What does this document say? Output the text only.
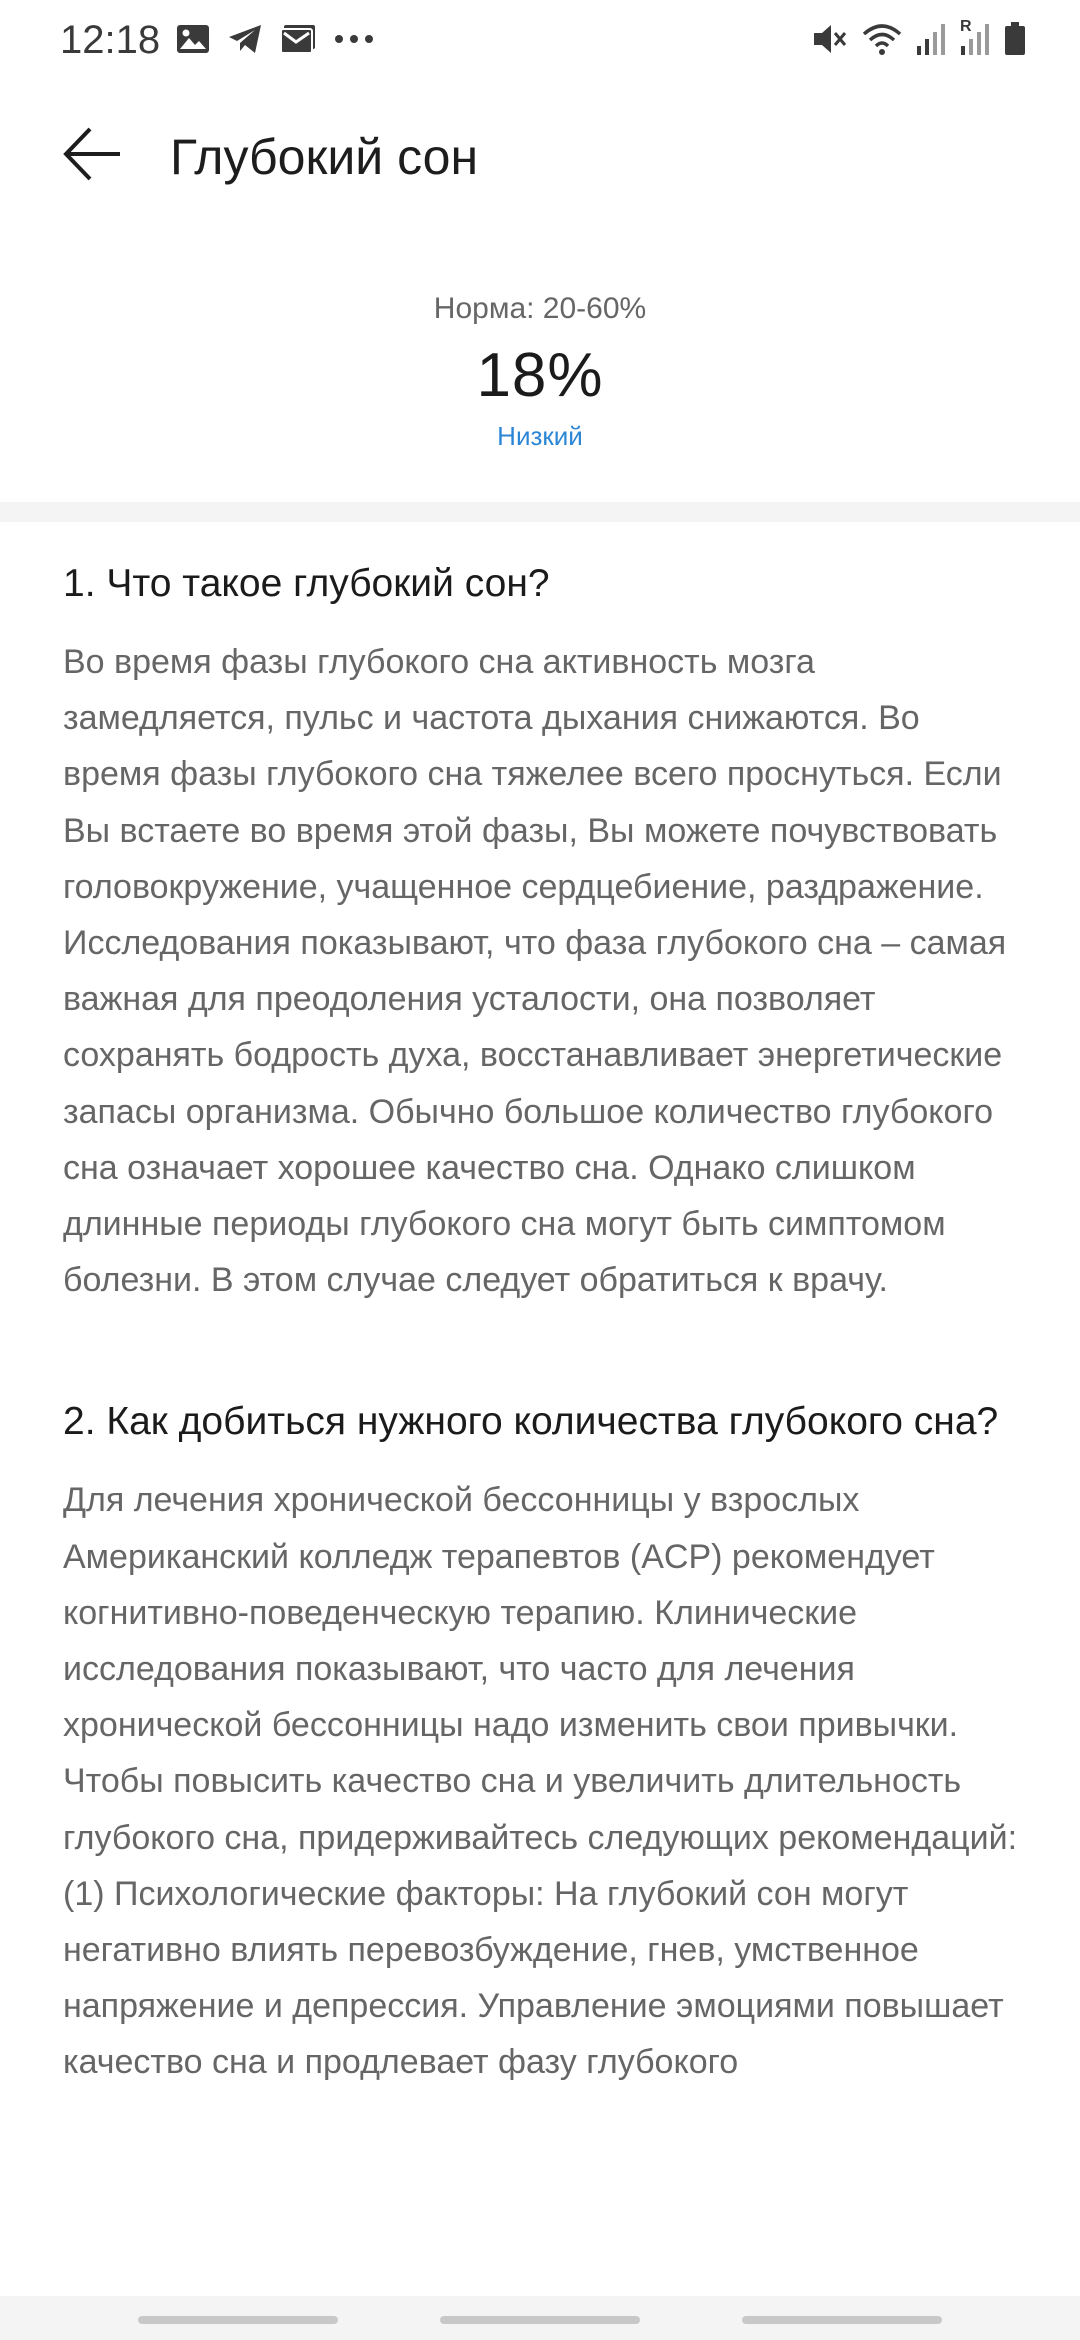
12:18	R
Глубокий сон
Норма: 20-60%
18%
Низкий
1. Что такое глубокий сон?

Во время фазы глубокого сна активность мозга замедляется, пульс и частота дыхания снижаются. Во время фазы глубокого сна тяжелее всего проснуться. Если Вы встаете во время этой фазы, Вы можете почувствовать головокружение, учащенное сердцебиение, раздражение. Исследования показывают, что фаза глубокого сна – самая важная для преодоления усталости, она позволяет сохранять бодрость духа, восстанавливает энергетические запасы организма. Обычно большое количество глубокого сна означает хорошее качество сна. Однако слишком длинные периоды глубокого сна могут быть симптомом болезни. В этом случае следует обратиться к врачу.

2. Как добиться нужного количества глубокого сна?

Для лечения хронической бессонницы у взрослых Американский колледж терапевтов (ACP) рекомендует когнитивно-поведенческую терапию. Клинические исследования показывают, что часто для лечения хронической бессонницы надо изменить свои привычки. Чтобы повысить качество сна и увеличить длительность глубокого сна, придерживайтесь следующих рекомендаций:

(1) Психологические факторы: На глубокий сон могут негативно влиять перевозбуждение, гнев, умственное напряжение и депрессия. Управление эмоциями повышает качество сна и продлевает фазу глубокого
